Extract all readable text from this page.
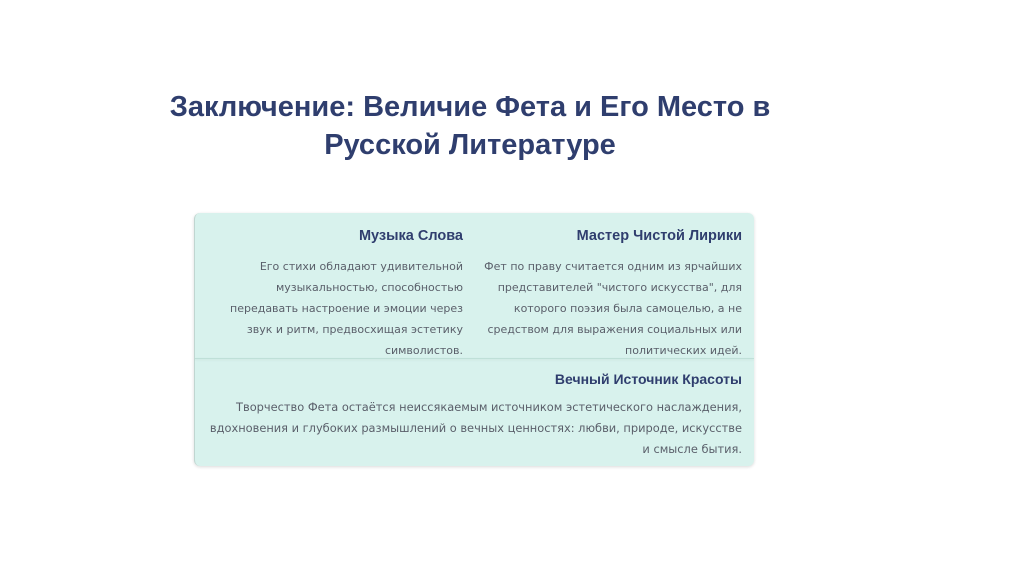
Заключение: Величие Фета и Его Место в Русской Литературе
Музыка Слова

Его стихи обладают удивительной музыкальностью, способностью передавать настроение и эмоции через звук и ритм, предвосхищая эстетику символистов.

Мастер Чистой Лирики

Фет по праву считается одним из ярчайших представителей "чистого искусства", для которого поэзия была самоцелью, а не средством для выражения социальных или политических идей.

Вечный Источник Красоты

Творчество Фета остаётся неиссякаемым источником эстетического наслаждения, вдохновения и глубоких размышлений о вечных ценностях: любви, природе, искусстве и смысле бытия.
